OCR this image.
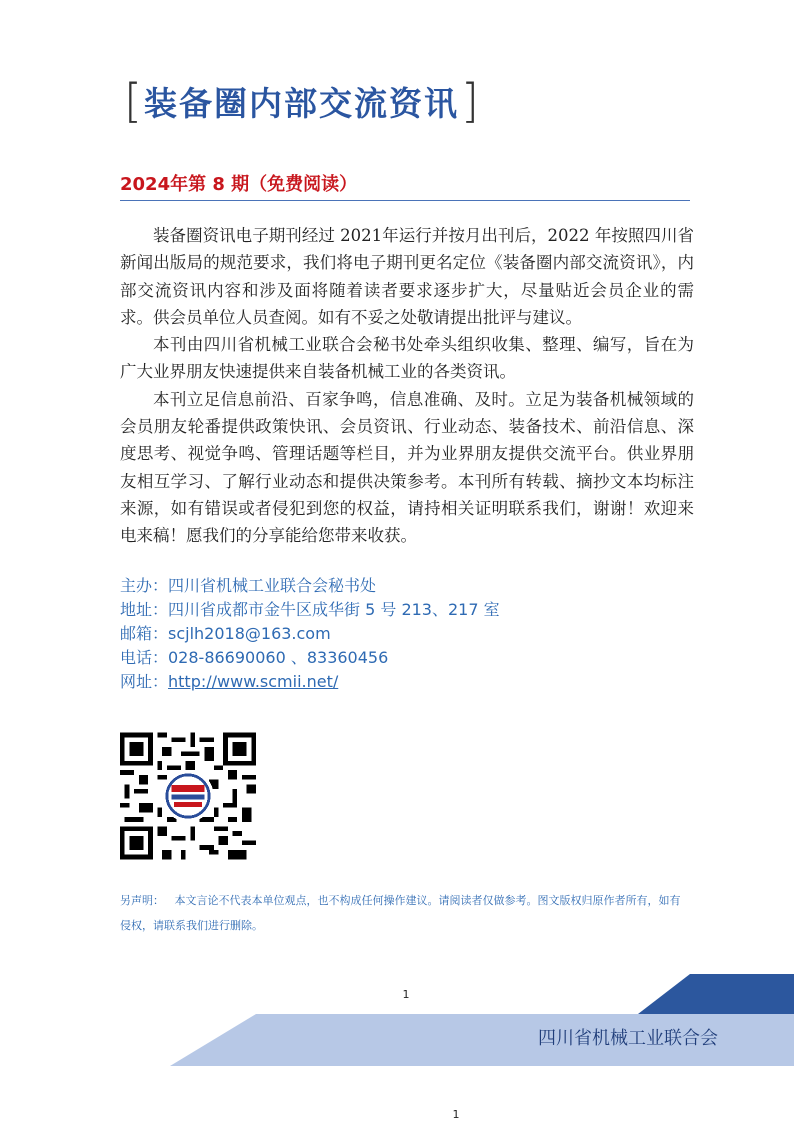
[ 装备圈内部交流资讯 ]
2024年第 8 期（免费阅读）

装备圈资讯电子期刊经过 2021年运行并按月出刊后，2022 年按照四川省新闻出版局的规范要求，我们将电子期刊更名定位《装备圈内部交流资讯》，内部交流资讯内容和涉及面将随着读者要求逐步扩大，尽量贴近会员企业的需求。供会员单位人员查阅。如有不妥之处敬请提出批评与建议。

本刊由四川省机械工业联合会秘书处牵头组织收集、整理、编写，旨在为广大业界朋友快速提供来自装备机械工业的各类资讯。

本刊立足信息前沿、百家争鸣，信息准确、及时。立足为装备机械领域的会员朋友轮番提供政策快讯、会员资讯、行业动态、装备技术、前沿信息、深度思考、视觉争鸣、管理话题等栏目，并为业界朋友提供交流平台。供业界朋友相互学习、了解行业动态和提供决策参考。本刊所有转载、摘抄文本均标注来源，如有错误或者侵犯到您的权益，请持相关证明联系我们，谢谢！欢迎来电来稿！愿我们的分享能给您带来收获。

主办：四川省机械工业联合会秘书处
地址：四川省成都市金牛区成华街 5 号 213、217 室
邮箱：scjlh2018@163.com
电话：028-86690060 、83360456
网址：http://www.scmii.net/
另声明： 本文言论不代表本单位观点，也不构成任何操作建议。请阅读者仅做参考。图文版权归原作者所有，如有侵权，请联系我们进行删除。
1
四川省机械工业联合会
1
